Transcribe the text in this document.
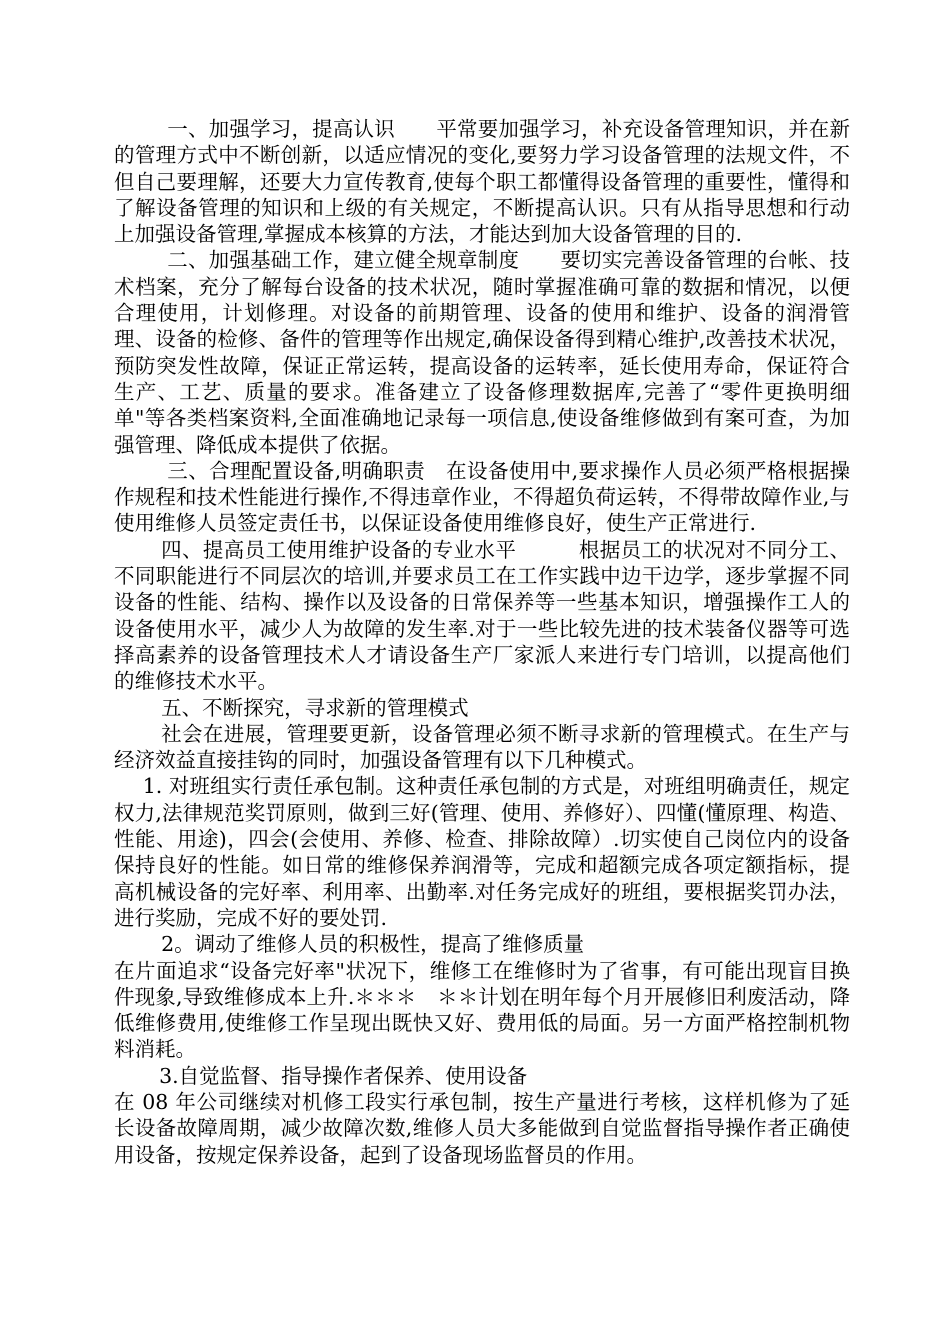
一、加强学习，提高认识　　平常要加强学习，补充设备管理知识，并在新的管理方式中不断创新，以适应情况的变化,要努力学习设备管理的法规文件，不但自己要理解，还要大力宣传教育,使每个职工都懂得设备管理的重要性，懂得和了解设备管理的知识和上级的有关规定，不断提高认识。只有从指导思想和行动上加强设备管理,掌握成本核算的方法，才能达到加大设备管理的目的.

二、加强基础工作，建立健全规章制度　　要切实完善设备管理的台帐、技术档案，充分了解每台设备的技术状况，随时掌握准确可靠的数据和情况，以便合理使用，计划修理。对设备的前期管理、设备的使用和维护、设备的润滑管理、设备的检修、备件的管理等作出规定,确保设备得到精心维护,改善技术状况，预防突发性故障，保证正常运转，提高设备的运转率，延长使用寿命，保证符合生产、工艺、质量的要求。准备建立了设备修理数据库,完善了“零件更换明细单"等各类档案资料,全面准确地记录每一项信息,使设备维修做到有案可查，为加强管理、降低成本提供了依据。

三、合理配置设备,明确职责　在设备使用中,要求操作人员必须严格根据操作规程和技术性能进行操作,不得违章作业，不得超负荷运转，不得带故障作业,与使用维修人员签定责任书，以保证设备使用维修良好，使生产正常进行.

四、提高员工使用维护设备的专业水平　　　根据员工的状况对不同分工、不同职能进行不同层次的培训,并要求员工在工作实践中边干边学，逐步掌握不同设备的性能、结构、操作以及设备的日常保养等一些基本知识，增强操作工人的设备使用水平，减少人为故障的发生率.对于一些比较先进的技术装备仪器等可选择高素养的设备管理技术人才请设备生产厂家派人来进行专门培训，以提高他们的维修技术水平。

五、不断探究，寻求新的管理模式

社会在进展，管理要更新，设备管理必须不断寻求新的管理模式。在生产与经济效益直接挂钩的同时，加强设备管理有以下几种模式。

1. 对班组实行责任承包制。这种责任承包制的方式是，对班组明确责任，规定权力,法律规范奖罚原则，做到三好(管理、使用、养修好）、四懂(懂原理、构造、性能、用途)，四会(会使用、养修、检查、排除故障）.切实使自己岗位内的设备保持良好的性能。如日常的维修保养润滑等，完成和超额完成各项定额指标，提高机械设备的完好率、利用率、出勤率.对任务完成好的班组，要根据奖罚办法，进行奖励，完成不好的要处罚.

2。调动了维修人员的积极性，提高了维修质量

在片面追求“设备完好率"状况下，维修工在维修时为了省事，有可能出现盲目换件现象,导致维修成本上升.＊＊＊　＊＊计划在明年每个月开展修旧利废活动，降低维修费用,使维修工作呈现出既快又好、费用低的局面。另一方面严格控制机物料消耗。

3.自觉监督、指导操作者保养、使用设备

在 08 年公司继续对机修工段实行承包制，按生产量进行考核，这样机修为了延长设备故障周期，减少故障次数,维修人员大多能做到自觉监督指导操作者正确使用设备，按规定保养设备，起到了设备现场监督员的作用。
